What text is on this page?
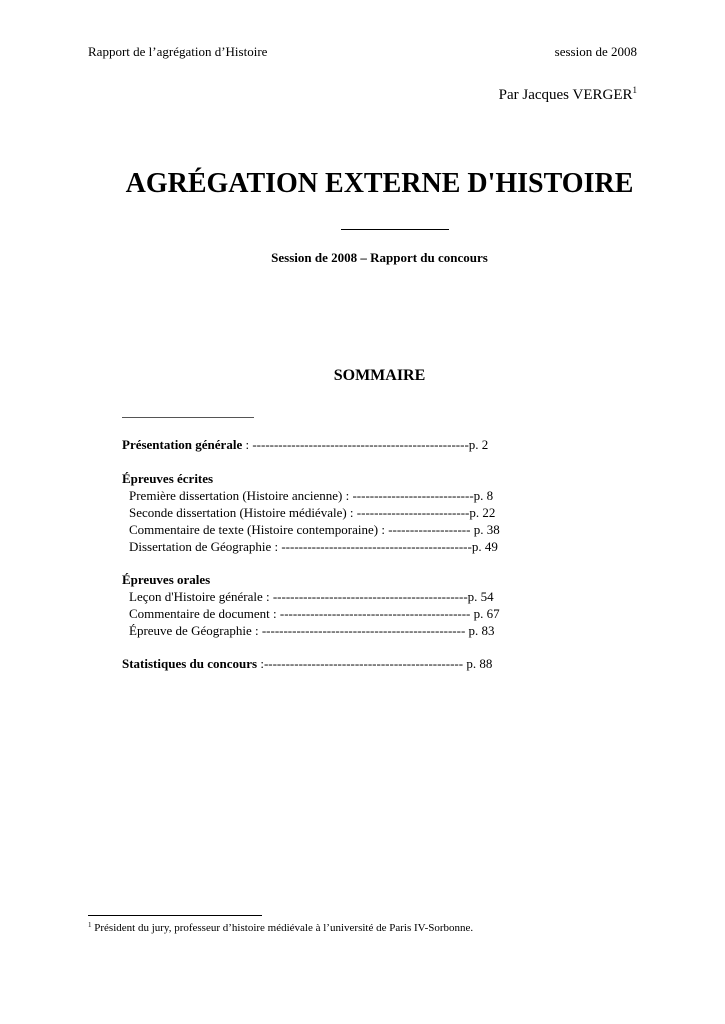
Rapport de l’agrégation d’Histoire	session de 2008
Par Jacques VERGER$^1$
AGRÉGATION EXTERNE D'HISTOIRE
Session de 2008 – Rapport du concours
SOMMAIRE
Présentation générale : --------------------------------------------------p. 2
Épreuves écrites
Première dissertation (Histoire ancienne) : ----------------------------p. 8
Seconde dissertation (Histoire médiévale) : --------------------------p. 22
Commentaire de texte (Histoire contemporaine) : ------------------- p. 38
Dissertation de Géographie : --------------------------------------------p. 49
Épreuves orales
Leçon d'Histoire générale : ---------------------------------------------p. 54
Commentaire de document : -------------------------------------------- p. 67
Épreuve de Géographie : ----------------------------------------------- p. 83
Statistiques du concours :---------------------------------------------- p. 88
$^1$ Président du jury, professeur d’histoire médiévale à l’université de Paris IV-Sorbonne.
